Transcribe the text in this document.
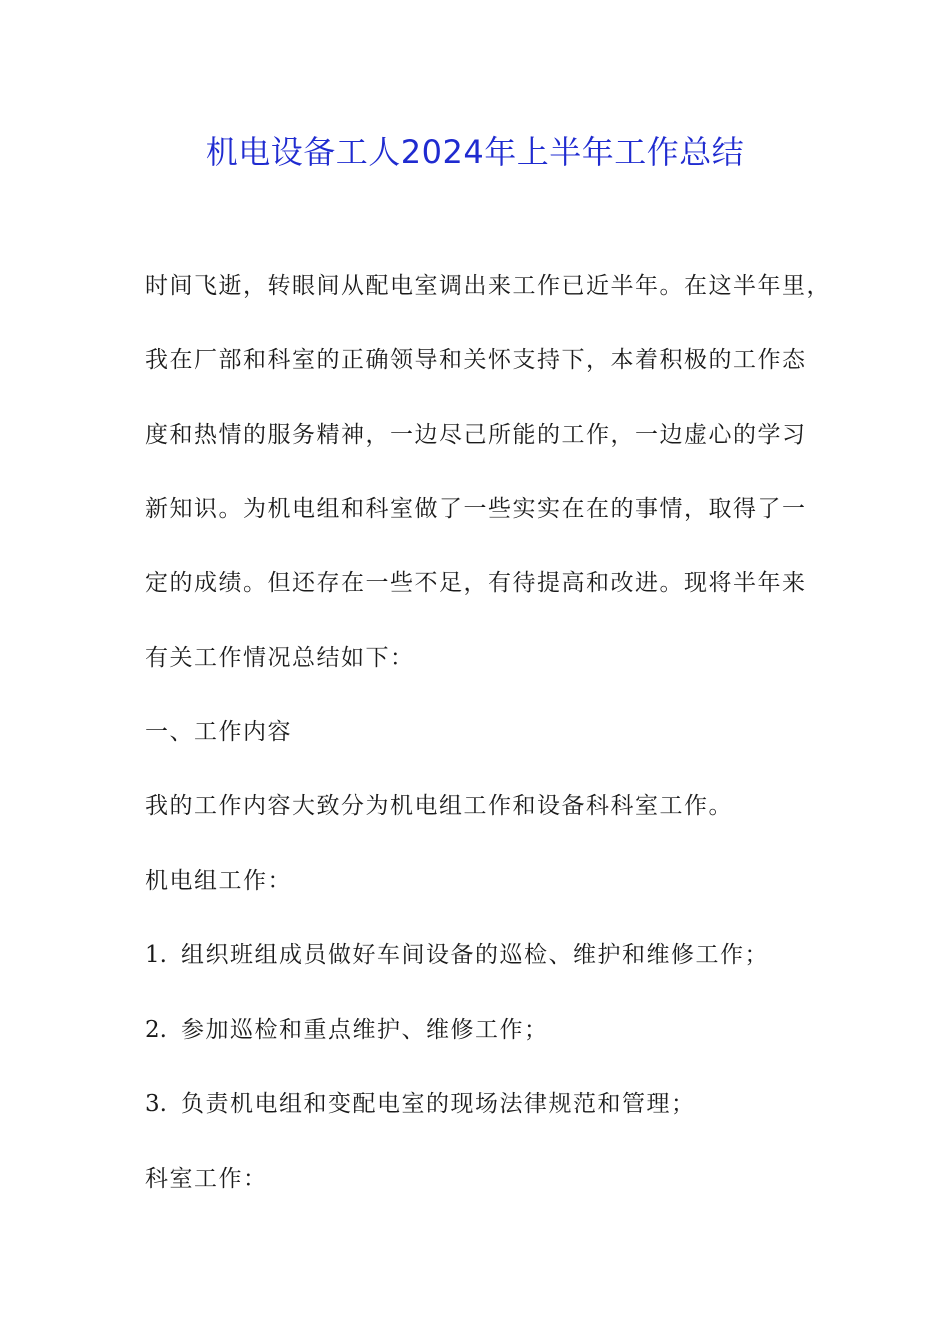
机电设备工人2024年上半年工作总结
时间飞逝，转眼间从配电室调出来工作已近半年。在这半年里，
我在厂部和科室的正确领导和关怀支持下，本着积极的工作态
度和热情的服务精神，一边尽己所能的工作，一边虚心的学习
新知识。为机电组和科室做了一些实实在在的事情，取得了一
定的成绩。但还存在一些不足，有待提高和改进。现将半年来
有关工作情况总结如下：
一、工作内容
我的工作内容大致分为机电组工作和设备科科室工作。
机电组工作：
1. 组织班组成员做好车间设备的巡检、维护和维修工作；
2. 参加巡检和重点维护、维修工作；
3. 负责机电组和变配电室的现场法律规范和管理；
科室工作：
